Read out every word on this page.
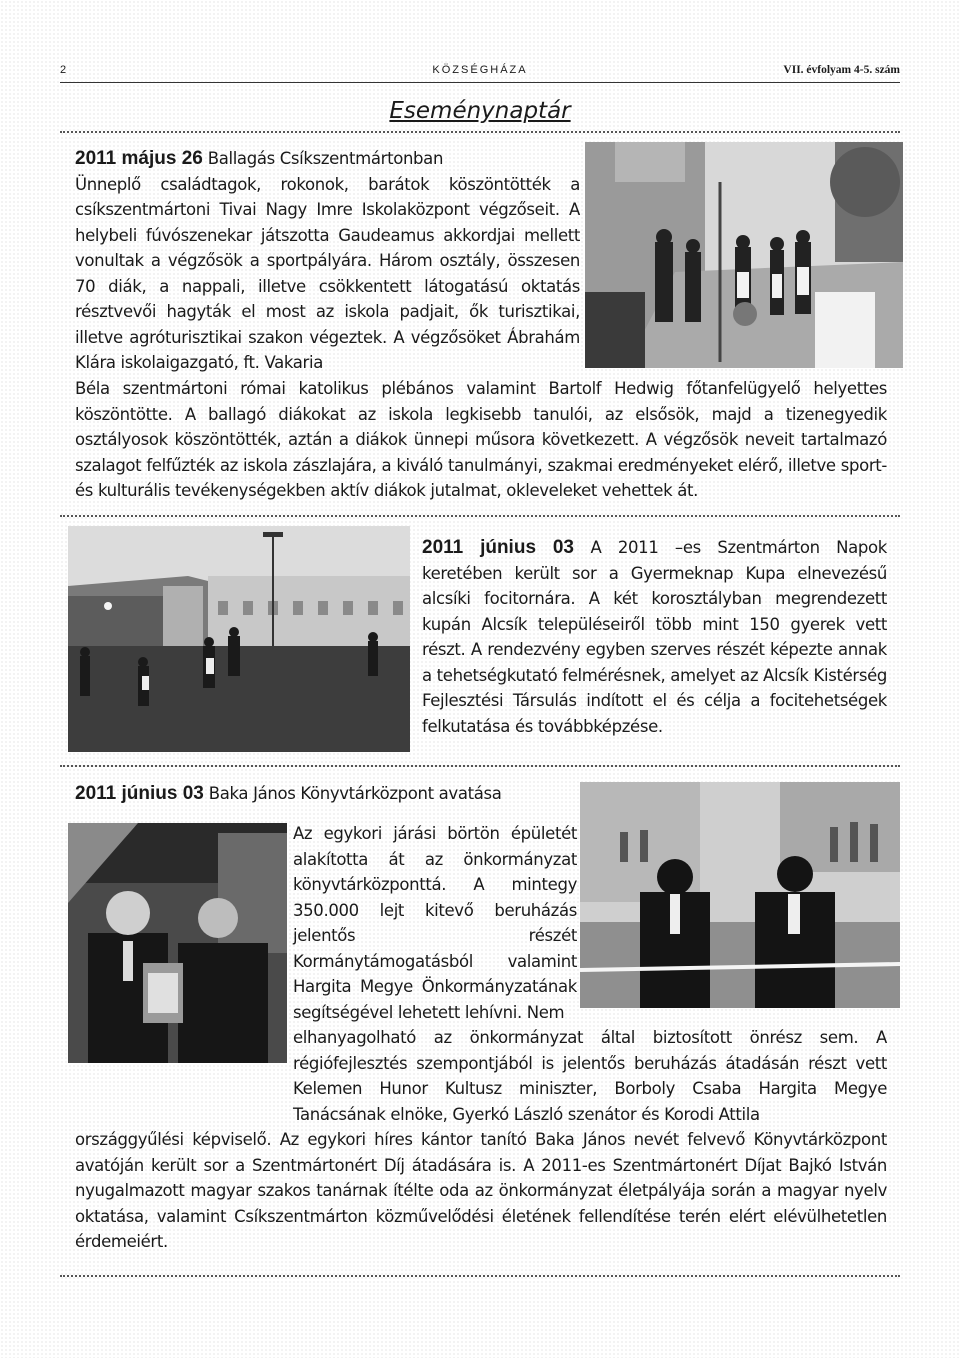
2	KÖZSÉGHÁZA	VII. évfolyam 4-5. szám
Eseménynaptár
2011 május 26 Ballagás Csíkszentmártonban
Ünneplő családtagok, rokonok, barátok köszöntötték a csíkszentmártoni Tivai Nagy Imre Iskolaközpont végzőseit. A helybeli fúvószenekar játszotta Gaudeamus akkordjai mellett vonultak a végzősök a sportpályára. Három osztály, összesen 70 diák, a nappali, illetve csökkentett látogatású oktatás résztvevői hagyták el most az iskola padjait, ők turisztikai, illetve agróturisztikai szakon végeztek. A végzősöket Ábrahám Klára iskolaigazgató, ft. Vakaria
Béla szentmártoni római katolikus plébános valamint Bartolf Hedwig főtanfelügyelő helyettes köszöntötte. A ballagó diákokat az iskola legkisebb tanulói, az elsősök, majd a tizenegyedik osztályosok köszöntötték, aztán a diákok ünnepi műsora következett. A végzősök neveit tartalmazó szalagot felfűzték az iskola zászlajára, a kiváló tanulmányi, szakmai eredményeket elérő, illetve sport- és kulturális tevékenységekben aktív diákok jutalmat, okleveleket vehettek át.
2011 június 03 A 2011 –es Szentmárton Napok keretében került sor a Gyermeknap Kupa elnevezésű alcsíki focitornára. A két korosztályban megrendezett kupán Alcsík településeiről több mint 150 gyerek vett részt. A rendezvény egyben szerves részét képezte annak a tehetségkutató felmérésnek, amelyet az Alcsík Kistérség Fejlesztési Társulás indított el és célja a focitehetségek felkutatása és továbbképzése.
2011 június 03 Baka János Könyvtárközpont avatása
Az egykori járási börtön épületét alakította át az önkormányzat könyvtárközponttá. A mintegy 350.000 lejt kitevő beruházás jelentős részét Kormánytámogatásból valamint Hargita Megye Önkormányzatának segítségével lehetett lehívni. Nem
elhanyagolható az önkormányzat által biztosított önrész sem. A régiófejlesztés szempontjából is jelentős beruházás átadásán részt vett Kelemen Hunor Kultusz miniszter, Borboly Csaba Hargita Megye Tanácsának elnöke, Gyerkó László szenátor és Korodi Attila
országgyűlési képviselő. Az egykori híres kántor tanító Baka János nevét felvevő Könyvtárközpont avatóján került sor a Szentmártonért Díj átadására is. A 2011-es Szentmártonért Díjat Bajkó István nyugalmazott magyar szakos tanárnak ítélte oda az önkormányzat életpályája során a magyar nyelv oktatása, valamint Csíkszentmárton közművelődési életének fellendítése terén elért elévülhetetlen érdemeiért.
